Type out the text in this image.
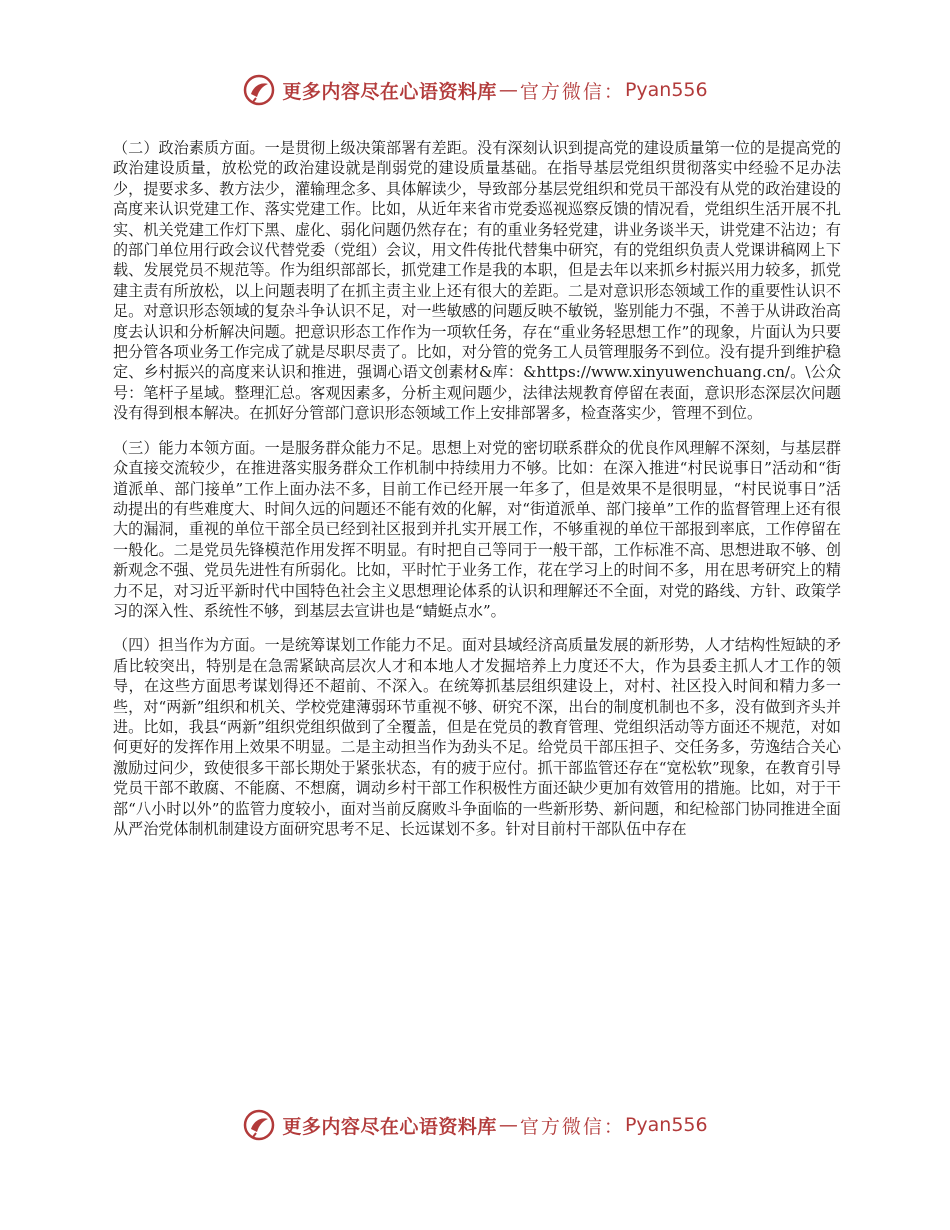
更多内容尽在心语资料库 — 官方微信： Pyan556

（二）政治素质方面。一是贯彻上级决策部署有差距。没有深刻认识到提高党的建设质量第一位的是提高党的政治建设质量，放松党的政治建设就是削弱党的建设质量基础。在指导基层党组织贯彻落实中经验不足办法少，提要求多、教方法少，灌输理念多、具体解读少，导致部分基层党组织和党员干部没有从党的政治建设的高度来认识党建工作、落实党建工作。比如，从近年来省市党委巡视巡察反馈的情况看，党组织生活开展不扎实、机关党建工作灯下黑、虚化、弱化问题仍然存在；有的重业务轻党建，讲业务谈半天，讲党建不沾边；有的部门单位用行政会议代替党委（党组）会议，用文件传批代替集中研究，有的党组织负责人党课讲稿网上下载、发展党员不规范等。作为组织部部长，抓党建工作是我的本职，但是去年以来抓乡村振兴用力较多，抓党建主责有所放松，以上问题表明了在抓主责主业上还有很大的差距。二是对意识形态领域工作的重要性认识不足。对意识形态领域的复杂斗争认识不足，对一些敏感的问题反映不敏锐，鉴别能力不强，不善于从讲政治高度去认识和分析解决问题。把意识形态工作作为一项软任务，存在“重业务轻思想工作”的现象，片面认为只要把分管各项业务工作完成了就是尽职尽责了。比如，对分管的党务工人员管理服务不到位。没有提升到维护稳定、乡村振兴的高度来认识和推进，强调心语文创素材&库：&https://www.xinyuwenchuang.cn/。\公众号：笔杆子星域。整理汇总。客观因素多，分析主观问题少，法律法规教育停留在表面，意识形态深层次问题没有得到根本解决。在抓好分管部门意识形态领域工作上安排部署多，检查落实少，管理不到位。

（三）能力本领方面。一是服务群众能力不足。思想上对党的密切联系群众的优良作风理解不深刻，与基层群众直接交流较少，在推进落实服务群众工作机制中持续用力不够。比如：在深入推进“村民说事日”活动和“街道派单、部门接单”工作上面办法不多，目前工作已经开展一年多了，但是效果不是很明显，“村民说事日”活动提出的有些难度大、时间久远的问题还不能有效的化解，对“街道派单、部门接单”工作的监督管理上还有很大的漏洞，重视的单位干部全员已经到社区报到并扎实开展工作，不够重视的单位干部报到率底，工作停留在一般化。二是党员先锋模范作用发挥不明显。有时把自己等同于一般干部，工作标准不高、思想进取不够、创新观念不强、党员先进性有所弱化。比如，平时忙于业务工作，花在学习上的时间不多，用在思考研究上的精力不足，对习近平新时代中国特色社会主义思想理论体系的认识和理解还不全面，对党的路线、方针、政策学习的深入性、系统性不够，到基层去宣讲也是“蜻蜓点水”。

（四）担当作为方面。一是统筹谋划工作能力不足。面对县域经济高质量发展的新形势，人才结构性短缺的矛盾比较突出，特别是在急需紧缺高层次人才和本地人才发掘培养上力度还不大，作为县委主抓人才工作的领导，在这些方面思考谋划得还不超前、不深入。在统筹抓基层组织建设上，对村、社区投入时间和精力多一些，对“两新”组织和机关、学校党建薄弱环节重视不够、研究不深，出台的制度机制也不多，没有做到齐头并进。比如，我县“两新”组织党组织做到了全覆盖，但是在党员的教育管理、党组织活动等方面还不规范，对如何更好的发挥作用上效果不明显。二是主动担当作为劲头不足。给党员干部压担子、交任务多，劳逸结合关心激励过问少，致使很多干部长期处于紧张状态，有的疲于应付。抓干部监管还存在“宽松软”现象，在教育引导党员干部不敢腐、不能腐、不想腐，调动乡村干部工作积极性方面还缺少更加有效管用的措施。比如，对于干部“八小时以外”的监管力度较小，面对当前反腐败斗争面临的一些新形势、新问题，和纪检部门协同推进全面从严治党体制机制建设方面研究思考不足、长远谋划不多。针对目前村干部队伍中存在

更多内容尽在心语资料库 — 官方微信： Pyan556
